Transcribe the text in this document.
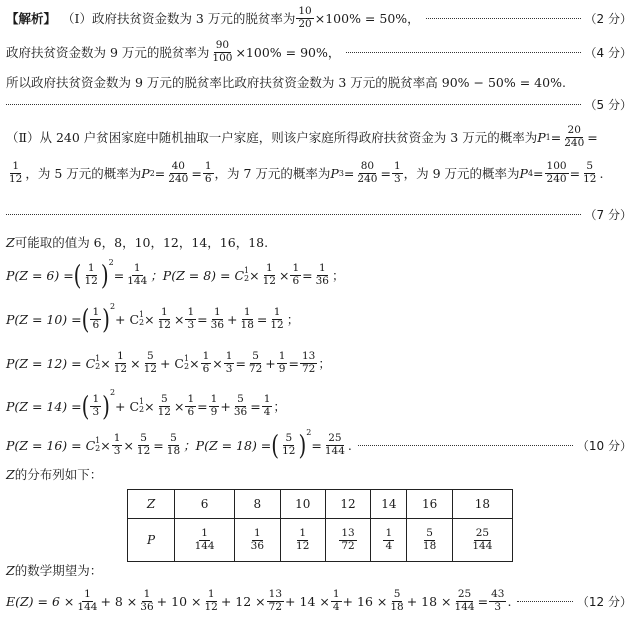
【解析】 （Ⅰ）政府扶贫资金数为 3 万元的脱贫率为 $\frac{10}{20} \times 100\% = 50\%$，	（2 分）
政府扶贫资金数为 9 万元的脱贫率为 $\frac{90}{100} \times 100\% = 90\%$，	（4 分）
所以政府扶贫资金数为 9 万元的脱贫率比政府扶贫资金数为 3 万元的脱贫率高 90% − 50% = 40%.
（5 分）
（Ⅱ）从 240 户贫困家庭中随机抽取一户家庭，则该户家庭所得政府扶贫资金为 3 万元的概率为 P $1 = \frac{20}{240}$ =
$\frac{1}{12}$ ，为 5 万元的概率为 P $2 = \frac{40}{240} = \frac{1}{6}$ ，为 7 万元的概率为 P $3 = \frac{80}{240} = \frac{1}{3}$ ，为 9 万元的概率为 P $4 = \frac{100}{240} = \frac{5}{12}$ .
（7 分）
Z 可能取的值为 6，8，10，12，14，16，18.
P(Z = 6) = ( $\frac{1}{12} )^2$
= $\frac{1}{144}$ ；P(Z = 8) = C 1
$2 \times \frac{1}{12} \times \frac{1}{6} = \frac{1}{36}$ ；
P(Z = 10) = ( $\frac{1}{6} )^2$
+ C 1
$2 \times \frac{1}{12} \times \frac{1}{3} = \frac{1}{36} + \frac{1}{18} = \frac{1}{12}$ ；
P(Z = 12) = C 1
$2 \times \frac{1}{12} \times \frac{5}{12} + C$ 1
$2 \times \frac{1}{6} \times \frac{1}{3} = \frac{5}{72} + \frac{1}{9} = \frac{13}{72}$ ；
P(Z = 14) = ( $\frac{1}{3} )^2$
+ C 1
$2 \times \frac{5}{12} \times \frac{1}{6} = \frac{1}{9} + \frac{5}{36} = \frac{1}{4}$ ；
P(Z = 16) = C 1
$2 \times \frac{1}{3} \times \frac{5}{12} = \frac{5}{18}$ ；P(Z = 18) = ( $\frac{5}{12} )^2$
= $\frac{25}{144}$ .	（10 分）
Z 的分布列如下：
Z	6	8	10	12	14	16	18
P	$\frac{1}{144}$	$\frac{1}{36}$	$\frac{1}{12}$	$\frac{13}{72}$	$\frac{1}{4}$	$\frac{5}{18}$	$\frac{25}{144}$
Z 的数学期望为：
$E(Z) = 6 \times \frac{1}{144} + 8 \times \frac{1}{36} + 10 \times \frac{1}{12} + 12 \times \frac{13}{72} + 14 \times \frac{1}{4} + 16 \times \frac{5}{18} + 18 \times \frac{25}{144} = \frac{43}{3}$ .	（12 分）
